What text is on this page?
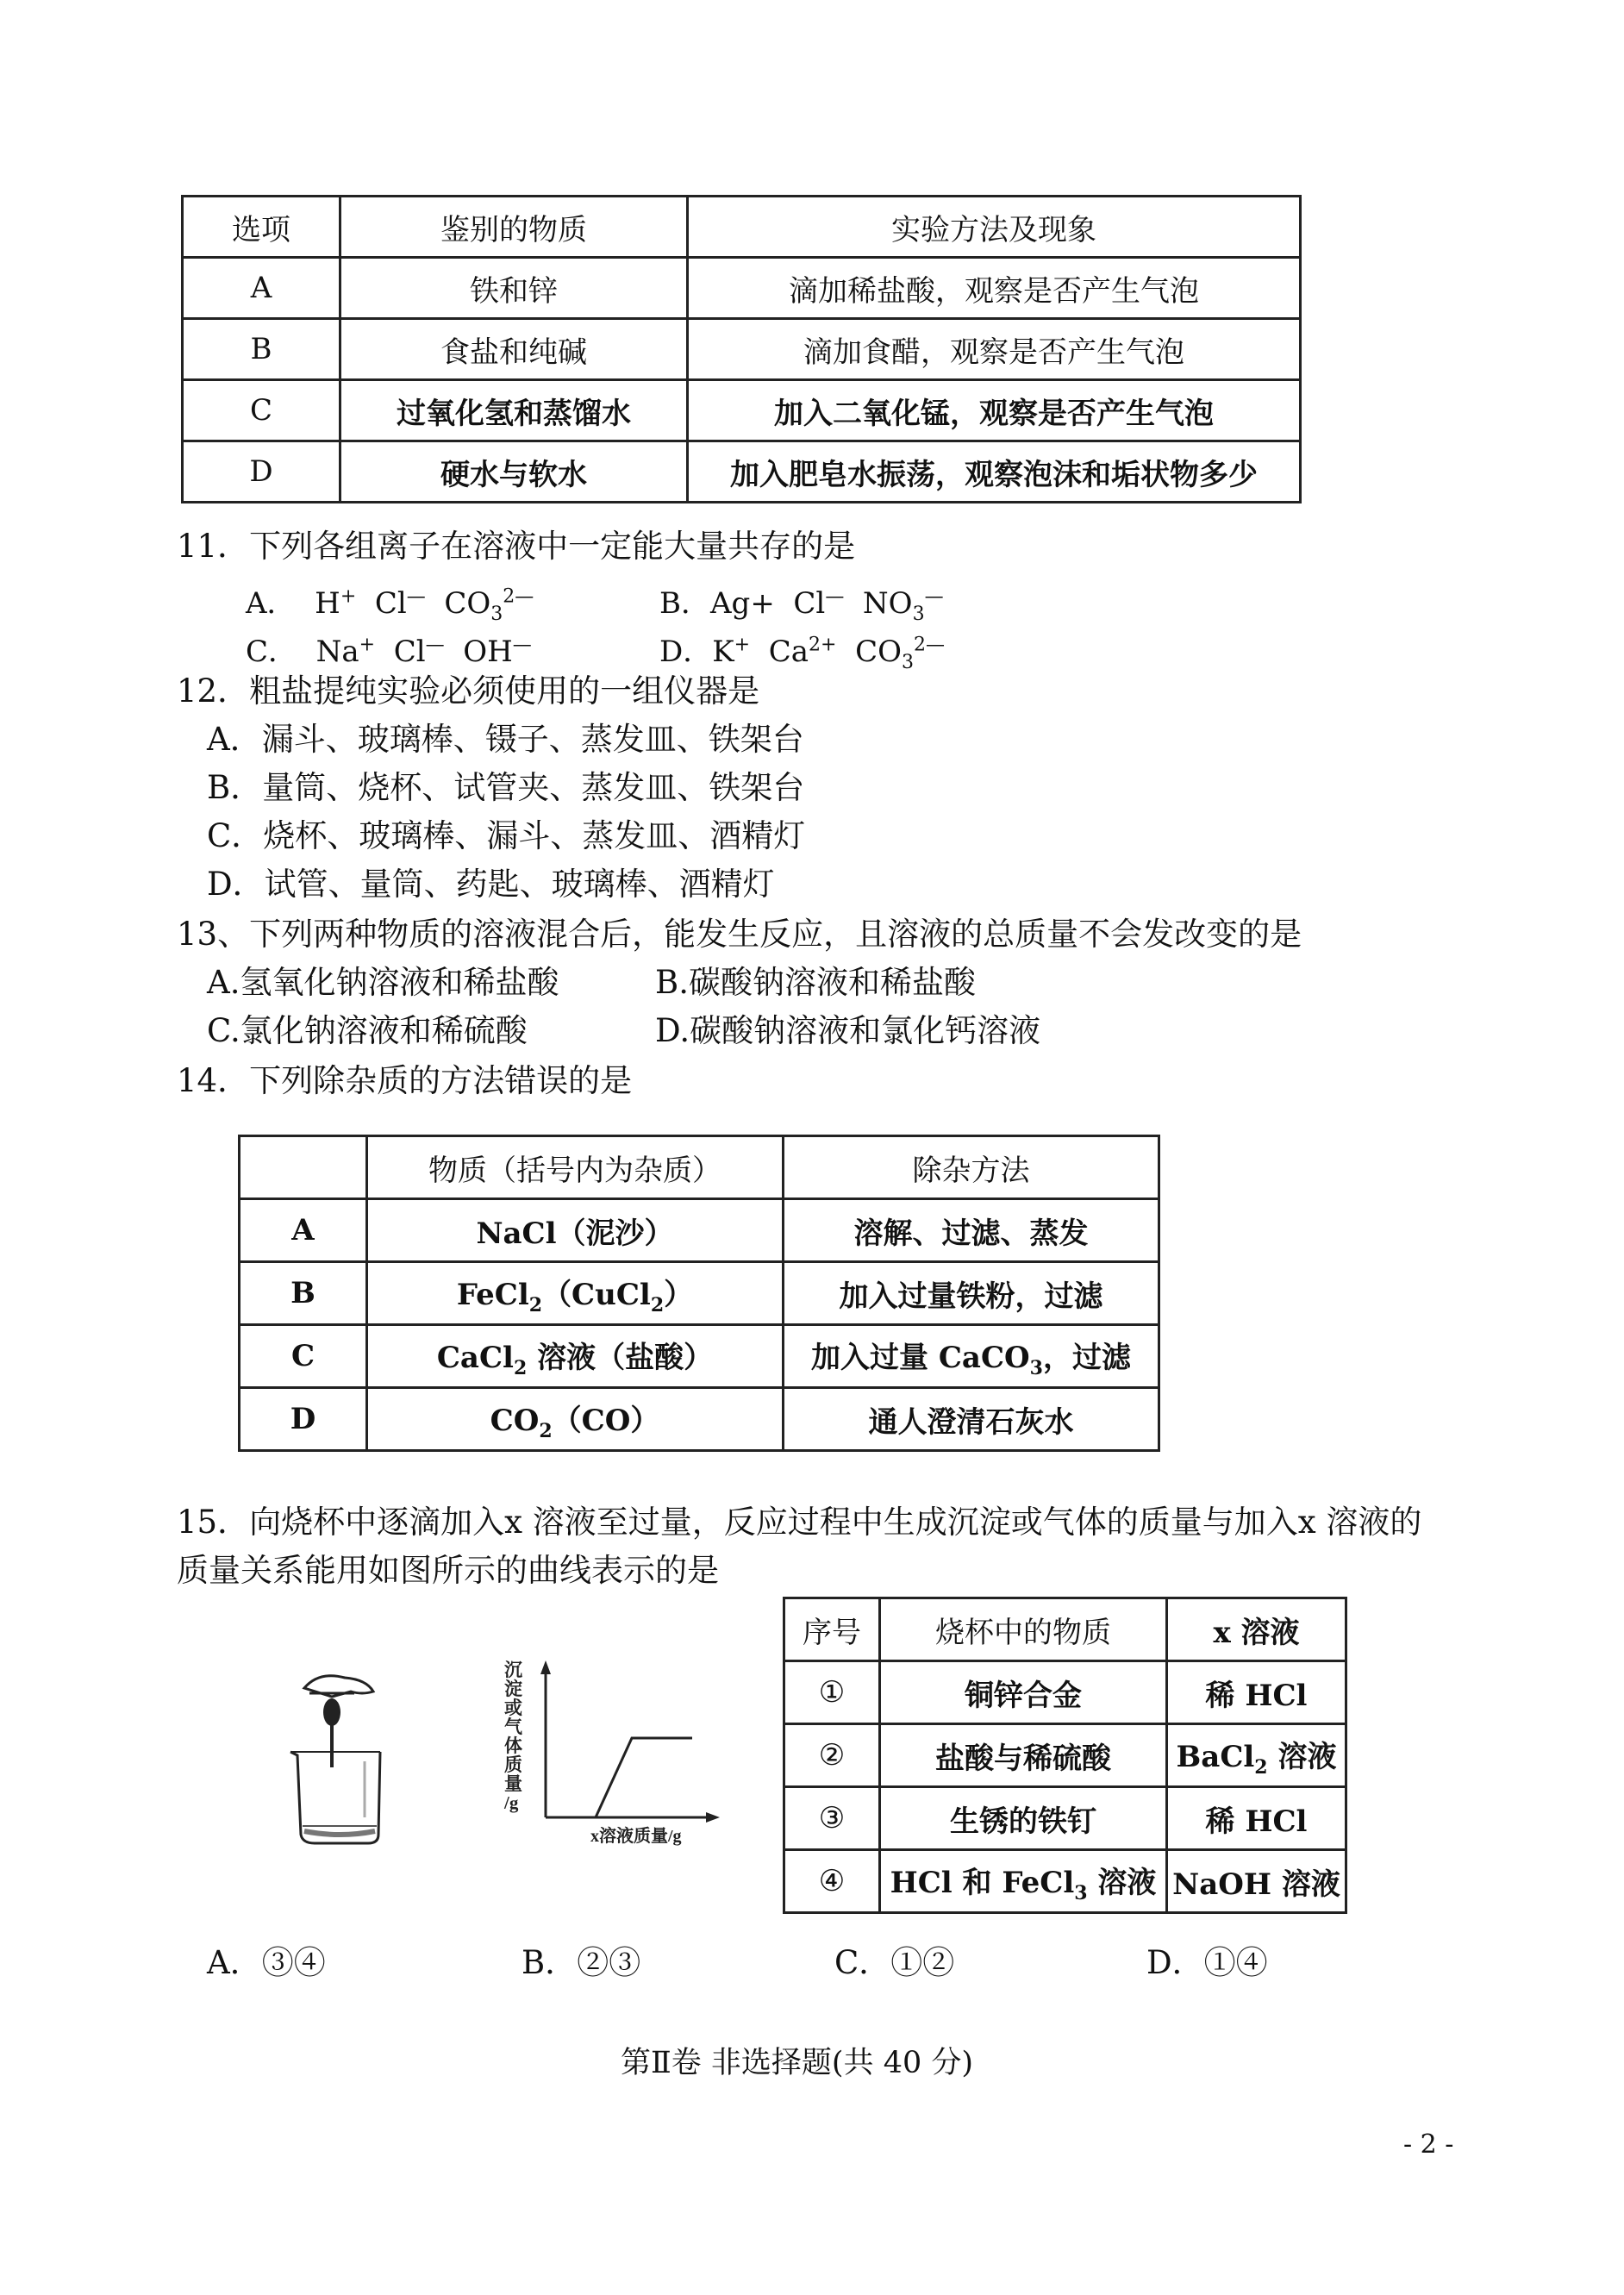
选项	鉴别的物质	实验方法及现象
A	铁和锌	滴加稀盐酸，观察是否产生气泡
B	食盐和纯碱	滴加食醋，观察是否产生气泡
C	过氧化氢和蒸馏水	加入二氧化锰，观察是否产生气泡
D	硬水与软水	加入肥皂水振荡，观察泡沫和垢状物多少
11．下列各组离子在溶液中一定能大量共存的是
A．  H+  Cl—  $CO_3^{2—}$	B．Ag+  Cl—  $NO_3^—$
C．  Na+  Cl—  OH—	D．K+  $Ca^{2+}$  $CO_3^{2—}$
12．粗盐提纯实验必须使用的一组仪器是
A．漏斗、玻璃棒、镊子、蒸发皿、铁架台
B．量筒、烧杯、试管夹、蒸发皿、铁架台
C．烧杯、玻璃棒、漏斗、蒸发皿、酒精灯
D．试管、量筒、药匙、玻璃棒、酒精灯
13、下列两种物质的溶液混合后，能发生反应，且溶液的总质量不会发改变的是
A.氢氧化钠溶液和稀盐酸	B.碳酸钠溶液和稀盐酸
C.氯化钠溶液和稀硫酸	D.碳酸钠溶液和氯化钙溶液
14．下列除杂质的方法错误的是
	物质（括号内为杂质）	除杂方法
A	NaCl（泥沙）	溶解、过滤、蒸发
B	FeCl$_2$（CuCl$_2$）	加入过量铁粉，过滤
C	CaCl$_2$ 溶液（盐酸）	加入过量 CaCO$_3$，过滤
D	$CO_2(CO)$	通人澄清石灰水
15．向烧杯中逐滴加入x 溶液至过量，反应过程中生成沉淀或气体的质量与加入x 溶液的
质量关系能用如图所示的曲线表示的是
沉
淀
或
气
体
质
量
/g
x溶液质量/g
序号	烧杯中的物质	x 溶液
①	铜锌合金	稀 HCl
②	盐酸与稀硫酸	BaCl$_2$ 溶液
③	生锈的铁钉	稀 HCl
④	HCl 和 FeCl$_3$ 溶液	NaOH 溶液
A．③④	B．②③	C．①②	D．①④
第Ⅱ卷 非选择题(共 40 分)
- 2 -
